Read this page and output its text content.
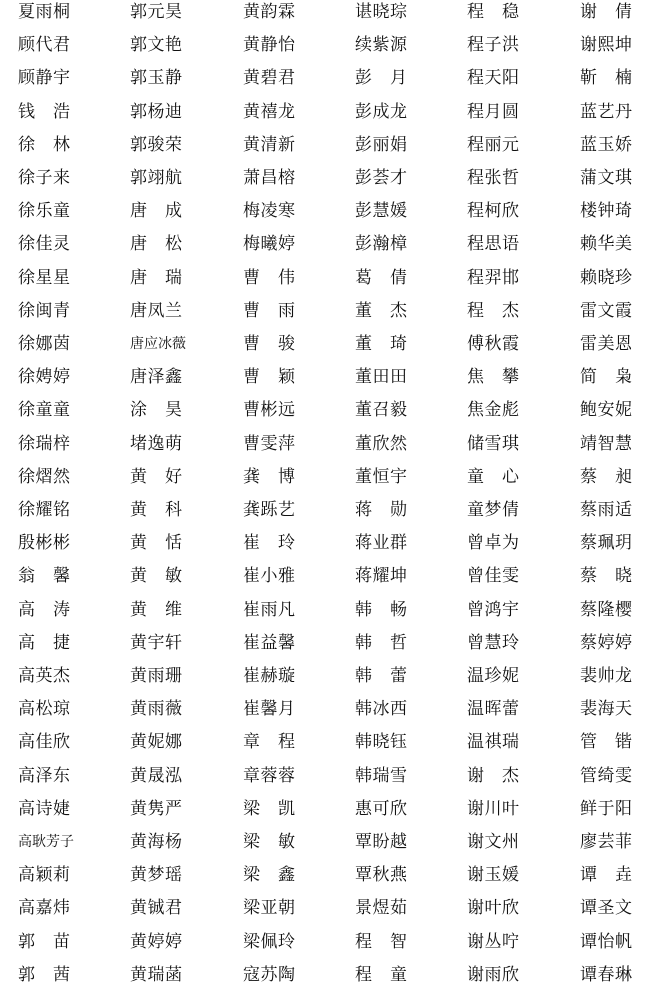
夏雨桐
顾代君
顾静宇
钱 浩
徐 林
徐子来
徐乐童
徐佳灵
徐星星
徐闽青
徐娜茵
徐娉婷
徐童童
徐瑞梓
徐熠然
徐耀铭
殷彬彬
翁 馨
高 涛
高 捷
高英杰
高松琼
高佳欣
高泽东
高诗婕
高耿芳子
高颖莉
高嘉炜
郭 苗
郭 茜
郭元昊
郭文艳
郭玉静
郭杨迪
郭骏荣
郭翊航
唐 成
唐 松
唐 瑞
唐凤兰
唐应冰薇
唐泽鑫
涂 昊
堵逸萌
黄 好
黄 科
黄 恬
黄 敏
黄 维
黄宇轩
黄雨珊
黄雨薇
黄妮娜
黄晟泓
黄隽严
黄海杨
黄梦瑶
黄铖君
黄婷婷
黄瑞菡
黄韵霖
黄静怡
黄碧君
黄禧龙
黄清新
萧昌榕
梅凌寒
梅曦婷
曹 伟
曹 雨
曹 骏
曹 颖
曹彬远
曹雯萍
龚 博
龚跞艺
崔 玲
崔小雅
崔雨凡
崔益馨
崔赫璇
崔馨月
章 程
章蓉蓉
梁 凯
梁 敏
梁 鑫
梁亚朝
梁佩玲
寇苏陶
谌晓琮
续紫源
彭 月
彭成龙
彭丽娟
彭荟才
彭慧媛
彭瀚樟
葛 倩
董 杰
董 琦
董田田
董召毅
董欣然
董恒宇
蒋 勋
蒋业群
蒋耀坤
韩 畅
韩 哲
韩 蕾
韩冰西
韩晓钰
韩瑞雪
惠可欣
覃盼越
覃秋燕
景煜茹
程 智
程 童
程 稳
程子洪
程天阳
程月圆
程丽元
程张哲
程柯欣
程思语
程羿邯
程 杰
傅秋霞
焦 攀
焦金彪
储雪琪
童 心
童梦倩
曾卓为
曾佳雯
曾鸿宇
曾慧玲
温珍妮
温晖蕾
温祺瑞
谢 杰
谢川叶
谢文州
谢玉媛
谢叶欣
谢丛咛
谢雨欣
谢 倩
谢熙坤
靳 楠
蓝艺丹
蓝玉娇
蒲文琪
楼钟琦
赖华美
赖晓珍
雷文霞
雷美恩
简 枭
鲍安妮
靖智慧
蔡 昶
蔡雨适
蔡珮玥
蔡 晓
蔡隆樱
蔡婷婷
裴帅龙
裴海天
管 锴
管绮雯
鲜于阳
廖芸菲
谭 垚
谭圣文
谭怡帆
谭春琳
